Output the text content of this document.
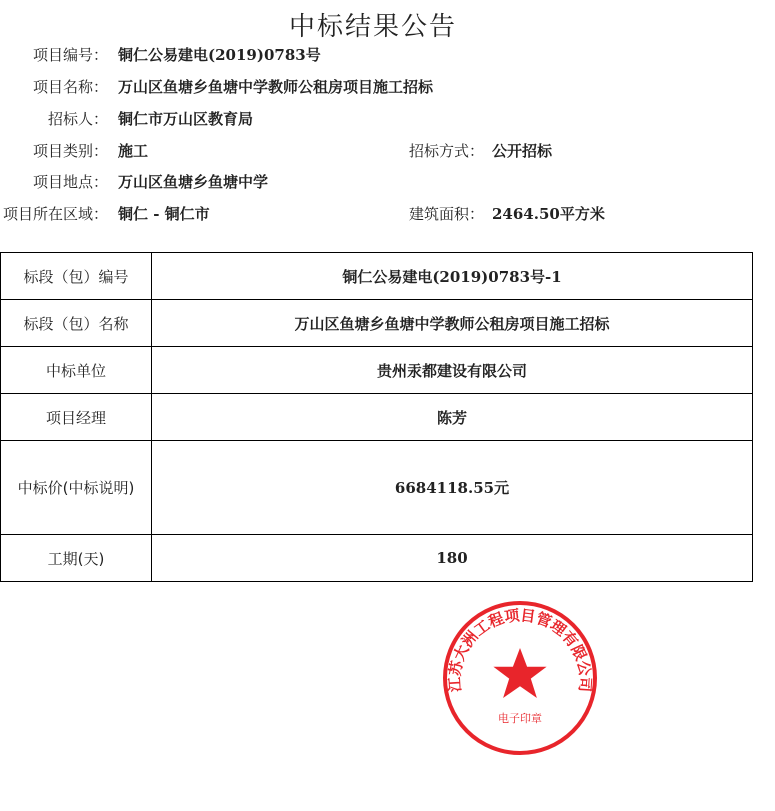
中标结果公告
项目编号： 铜仁公易建电(2019)0783号
项目名称： 万山区鱼塘乡鱼塘中学教师公租房项目施工招标
招标人： 铜仁市万山区教育局
项目类别： 施工	招标方式： 公开招标
项目地点： 万山区鱼塘乡鱼塘中学
项目所在区域： 铜仁 - 铜仁市	建筑面积： 2464.50平方米
标段（包）编号	铜仁公易建电(2019)0783号-1
标段（包）名称	万山区鱼塘乡鱼塘中学教师公租房项目施工招标
中标单位	贵州汞都建设有限公司
项目经理	陈芳
中标价(中标说明)	6684118.55元
工期(天)	180
江苏大洲工程项目管理有限公司
电子印章
